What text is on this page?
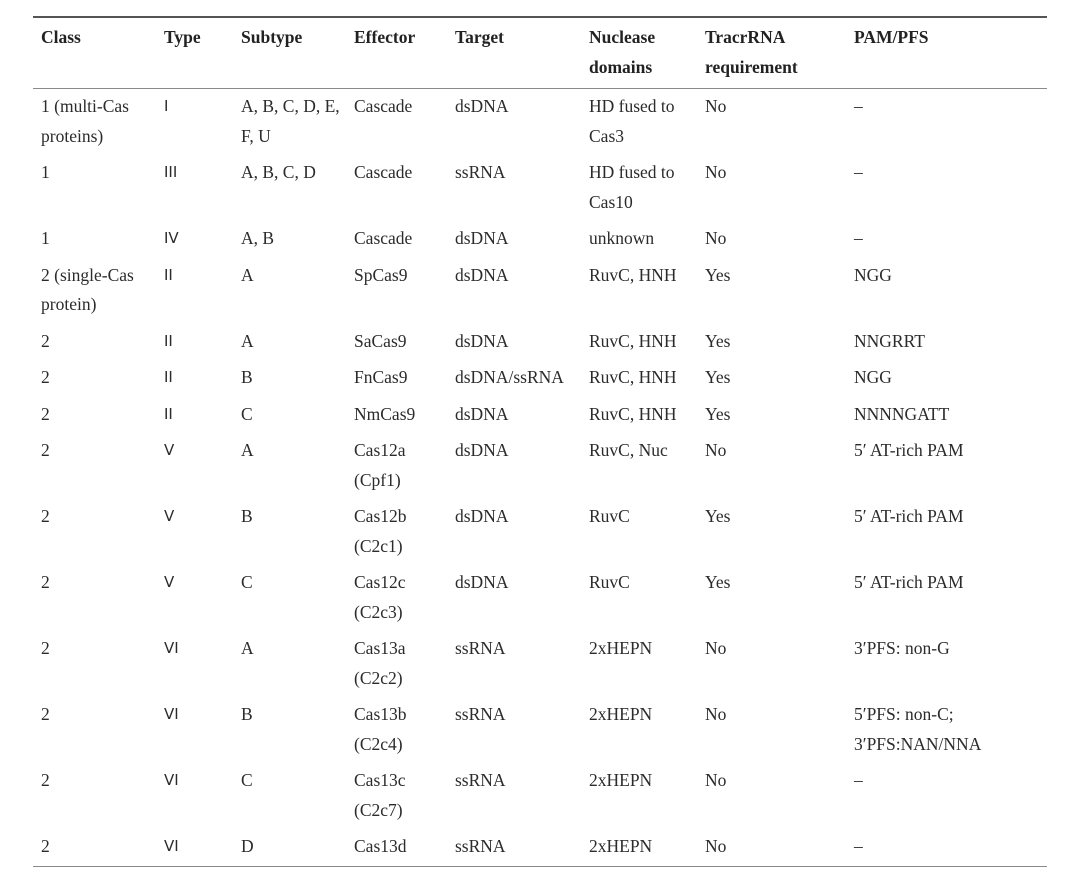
Class	Type	Subtype	Effector	Target	Nuclease domains	TracrRNA requirement	PAM/PFS
1 (multi-Cas proteins)	I	A, B, C, D, E, F, U	Cascade	dsDNA	HD fused to Cas3	No	–
1	III	A, B, C, D	Cascade	ssRNA	HD fused to Cas10	No	–
1	IV	A, B	Cascade	dsDNA	unknown	No	–
2 (single-Cas protein)	II	A	SpCas9	dsDNA	RuvC, HNH	Yes	NGG
2	II	A	SaCas9	dsDNA	RuvC, HNH	Yes	NNGRRT
2	II	B	FnCas9	dsDNA/ssRNA	RuvC, HNH	Yes	NGG
2	II	C	NmCas9	dsDNA	RuvC, HNH	Yes	NNNNGATT
2	V	A	Cas12a (Cpf1)	dsDNA	RuvC, Nuc	No	5′ AT-rich PAM
2	V	B	Cas12b (C2c1)	dsDNA	RuvC	Yes	5′ AT-rich PAM
2	V	C	Cas12c (C2c3)	dsDNA	RuvC	Yes	5′ AT-rich PAM
2	VI	A	Cas13a (C2c2)	ssRNA	2xHEPN	No	3′PFS: non-G
2	VI	B	Cas13b (C2c4)	ssRNA	2xHEPN	No	5′PFS: non-C; 3′PFS:NAN/NNA
2	VI	C	Cas13c (C2c7)	ssRNA	2xHEPN	No	–
2	VI	D	Cas13d	ssRNA	2xHEPN	No	–
